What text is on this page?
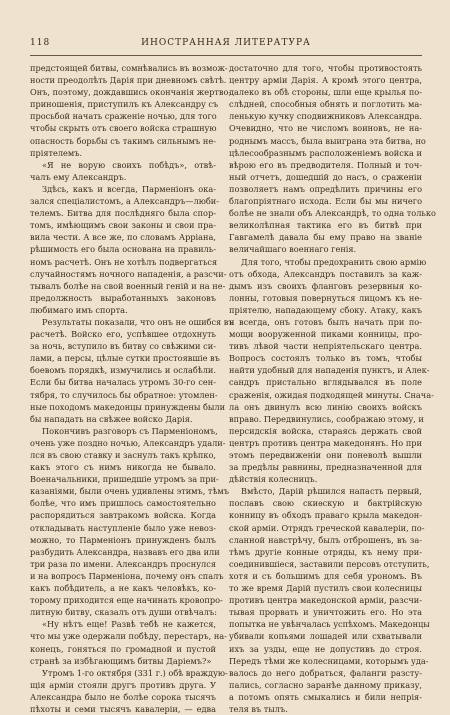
118	ИНОСТРАННАЯ ЛИТЕРАТУРА
предстоящей битвы, сомнѣвались въ возмож-
ности преодолѣть Дарія при дневномъ свѣтѣ.
Онъ, поэтому, дождавшись окончанія жертво-
приношенія, приступилъ къ Александру съ
просьбой начать сраженіе ночью, для того
чтобы скрыть отъ своего войска страшную
опасность борьбы съ такимъ сильнымъ не-
пріятелемъ.
«Я не ворую своихъ побѣдъ», отвѣ-
чалъ ему Александръ.
Здѣсь, какъ и всегда, Парменіонъ ока-
зался спеціалистомъ, а Александръ—люби-
телемъ. Битва для послѣдняго была спор-
томъ, имѣющимъ свои законы и свои пра-
вила чести. А все же, по словамъ Арріана,
рѣшимость его была основана на правиль-
номъ расчетѣ. Онъ не хотѣлъ подвергаться
случайностямъ ночного нападенія, а разсчи-
тывалъ болѣе на свой военный геній и на не-
предолжность выработанныхъ законовъ
любимаго имъ спорта.
Результаты показали, что онъ не ошибся въ
расчетѣ. Войско его, успѣвшее отдохнуть
за ночь, вступило въ битву со свѣжими си-
лами, а персы, цѣлые сутки простоявшіе въ
боевомъ порядкѣ, измучились и ослабѣли.
Если бы битва началась утромъ 30-го сен-
тября, то случилось бы обратное: утомлен-
ные походомъ македонцы принуждены были
бы нападать на свѣжее войско Дарія.
Покончивъ разговоръ съ Парменіономъ,
очень уже поздно ночью, Александръ удали-
лся въ свою ставку и заснулъ такъ крѣпко,
какъ этого съ нимъ никогда не бывало.
Военачальники, пришедшіе утромъ за при-
казаніями, были очень удивлены этимъ, тѣмъ
болѣе, что имъ пришлось самостоятельно
распорядиться завтракомъ войска. Когда
откладывать наступленіе было уже невоз-
можно, то Парменіонъ принужденъ былъ
разбудить Александра, назвавъ его два или
три раза по имени. Александръ проснулся
и на вопросъ Парменіона, почему онъ спалъ
какъ побѣдитель, а не какъ человѣкъ, ко-
торому приходится еще начинать кровопро-
литную битву, сказалъ отъ души отвѣчалъ:
«Ну нѣтъ еще! Развѣ тебѣ не кажется,
что мы уже одержали побѣду, перестаръ, на-
конецъ, гоняться по громадной и пустой
странѣ за избѣгающимъ битвы Даріемъ?»
Утромъ 1-го октября (331 г.) обѣ враждую-
щія арміи стояли другъ противъ друга. У
Александра было не болѣе сорока тысячъ
пѣхоты и семи тысячъ кавалеріи, — едва
достаточно для того, чтобы противостоять
центру арміи Дарія. А кромѣ этого центра,
далеко въ обѣ стороны, шли еще крылья по-
слѣдней, способныя обнять и поглотить ма-
ленькую кучку сподвижниковъ Александра.
Очевидно, что не числомъ воиновъ, не на-
роднымъ массъ, была выиграна эта битва, но
цѣлесообразнымъ расположеніемъ войска и
вѣрою его въ предводителя. Полный и точ-
ный отчетъ, дошедшій до насъ, о сраженіи
позволяетъ намъ опредѣлить причины его
благопріятнаго исхода. Если бы мы ничего
болѣе не знали объ Александрѣ, то одна только
великолѣпная тактика его въ битвѣ при
Гавгамелѣ давала бы ему право на званіе
величайшаго военнаго генія.
Для того, чтобы предохранить свою армію
отъ обхода, Александръ поставилъ за каж-
дымъ изъ своихъ фланговъ резервныя ко-
лонны, готовыя повернуться лицомъ къ не-
пріятелю, нападающему сбоку. Атаку, какъ
и всегда, онъ готовъ былъ начать при по-
мощи вооруженной пиками конницы, про-
тивъ лѣвой части непріятельскаго центра.
Вопросъ состоялъ только въ томъ, чтобы
найти удобный для нападенія пунктъ, и Алек-
сандръ пристально вглядывался въ поле
сраженія, ожидая подходящей минуты. Снача-
ла онъ двинулъ всю линію своихъ войскъ
вправо. Передвинулись, соображаю этому, и
персидскія войска, стараясь держать свой
центръ противъ центра македонянъ. Но при
этомъ передвиженіи они поневолѣ вышли
за предѣлы равнины, предназначенной для
дѣйствія колесницъ.
Вмѣсто, Дарій рѣшился напасть первый,
пославъ свою скиѳскую и бактрійскую
конницу въ обходъ праваго крыла македон-
ской арміи. Отрядъ греческой кавалеріи, по-
сланной навстрѣчу, былъ отброшенъ, въ за-
тѣмъ другіе конные отряды, къ нему при-
соединившіеся, заставили персовъ отступить,
хотя и съ большимъ для себя урономъ. Въ
то же время Дарій пустилъ свои колесницы
противъ центра македонской арміи, разсчи-
тывая прорвать и уничтожить его. Но эта
попытка не увѣнчалась успѣхомъ. Македонцы
убивали копьями лошадей или схватывали
ихъ за узды, еще не допустивъ до строя.
Передъ тѣми же колесницами, которымъ уда-
валось до него добраться, фаланги разсту-
пались, согласно заранѣе данному приказу,
а потомъ опять смыкались и били непрія-
теля въ тылъ.
